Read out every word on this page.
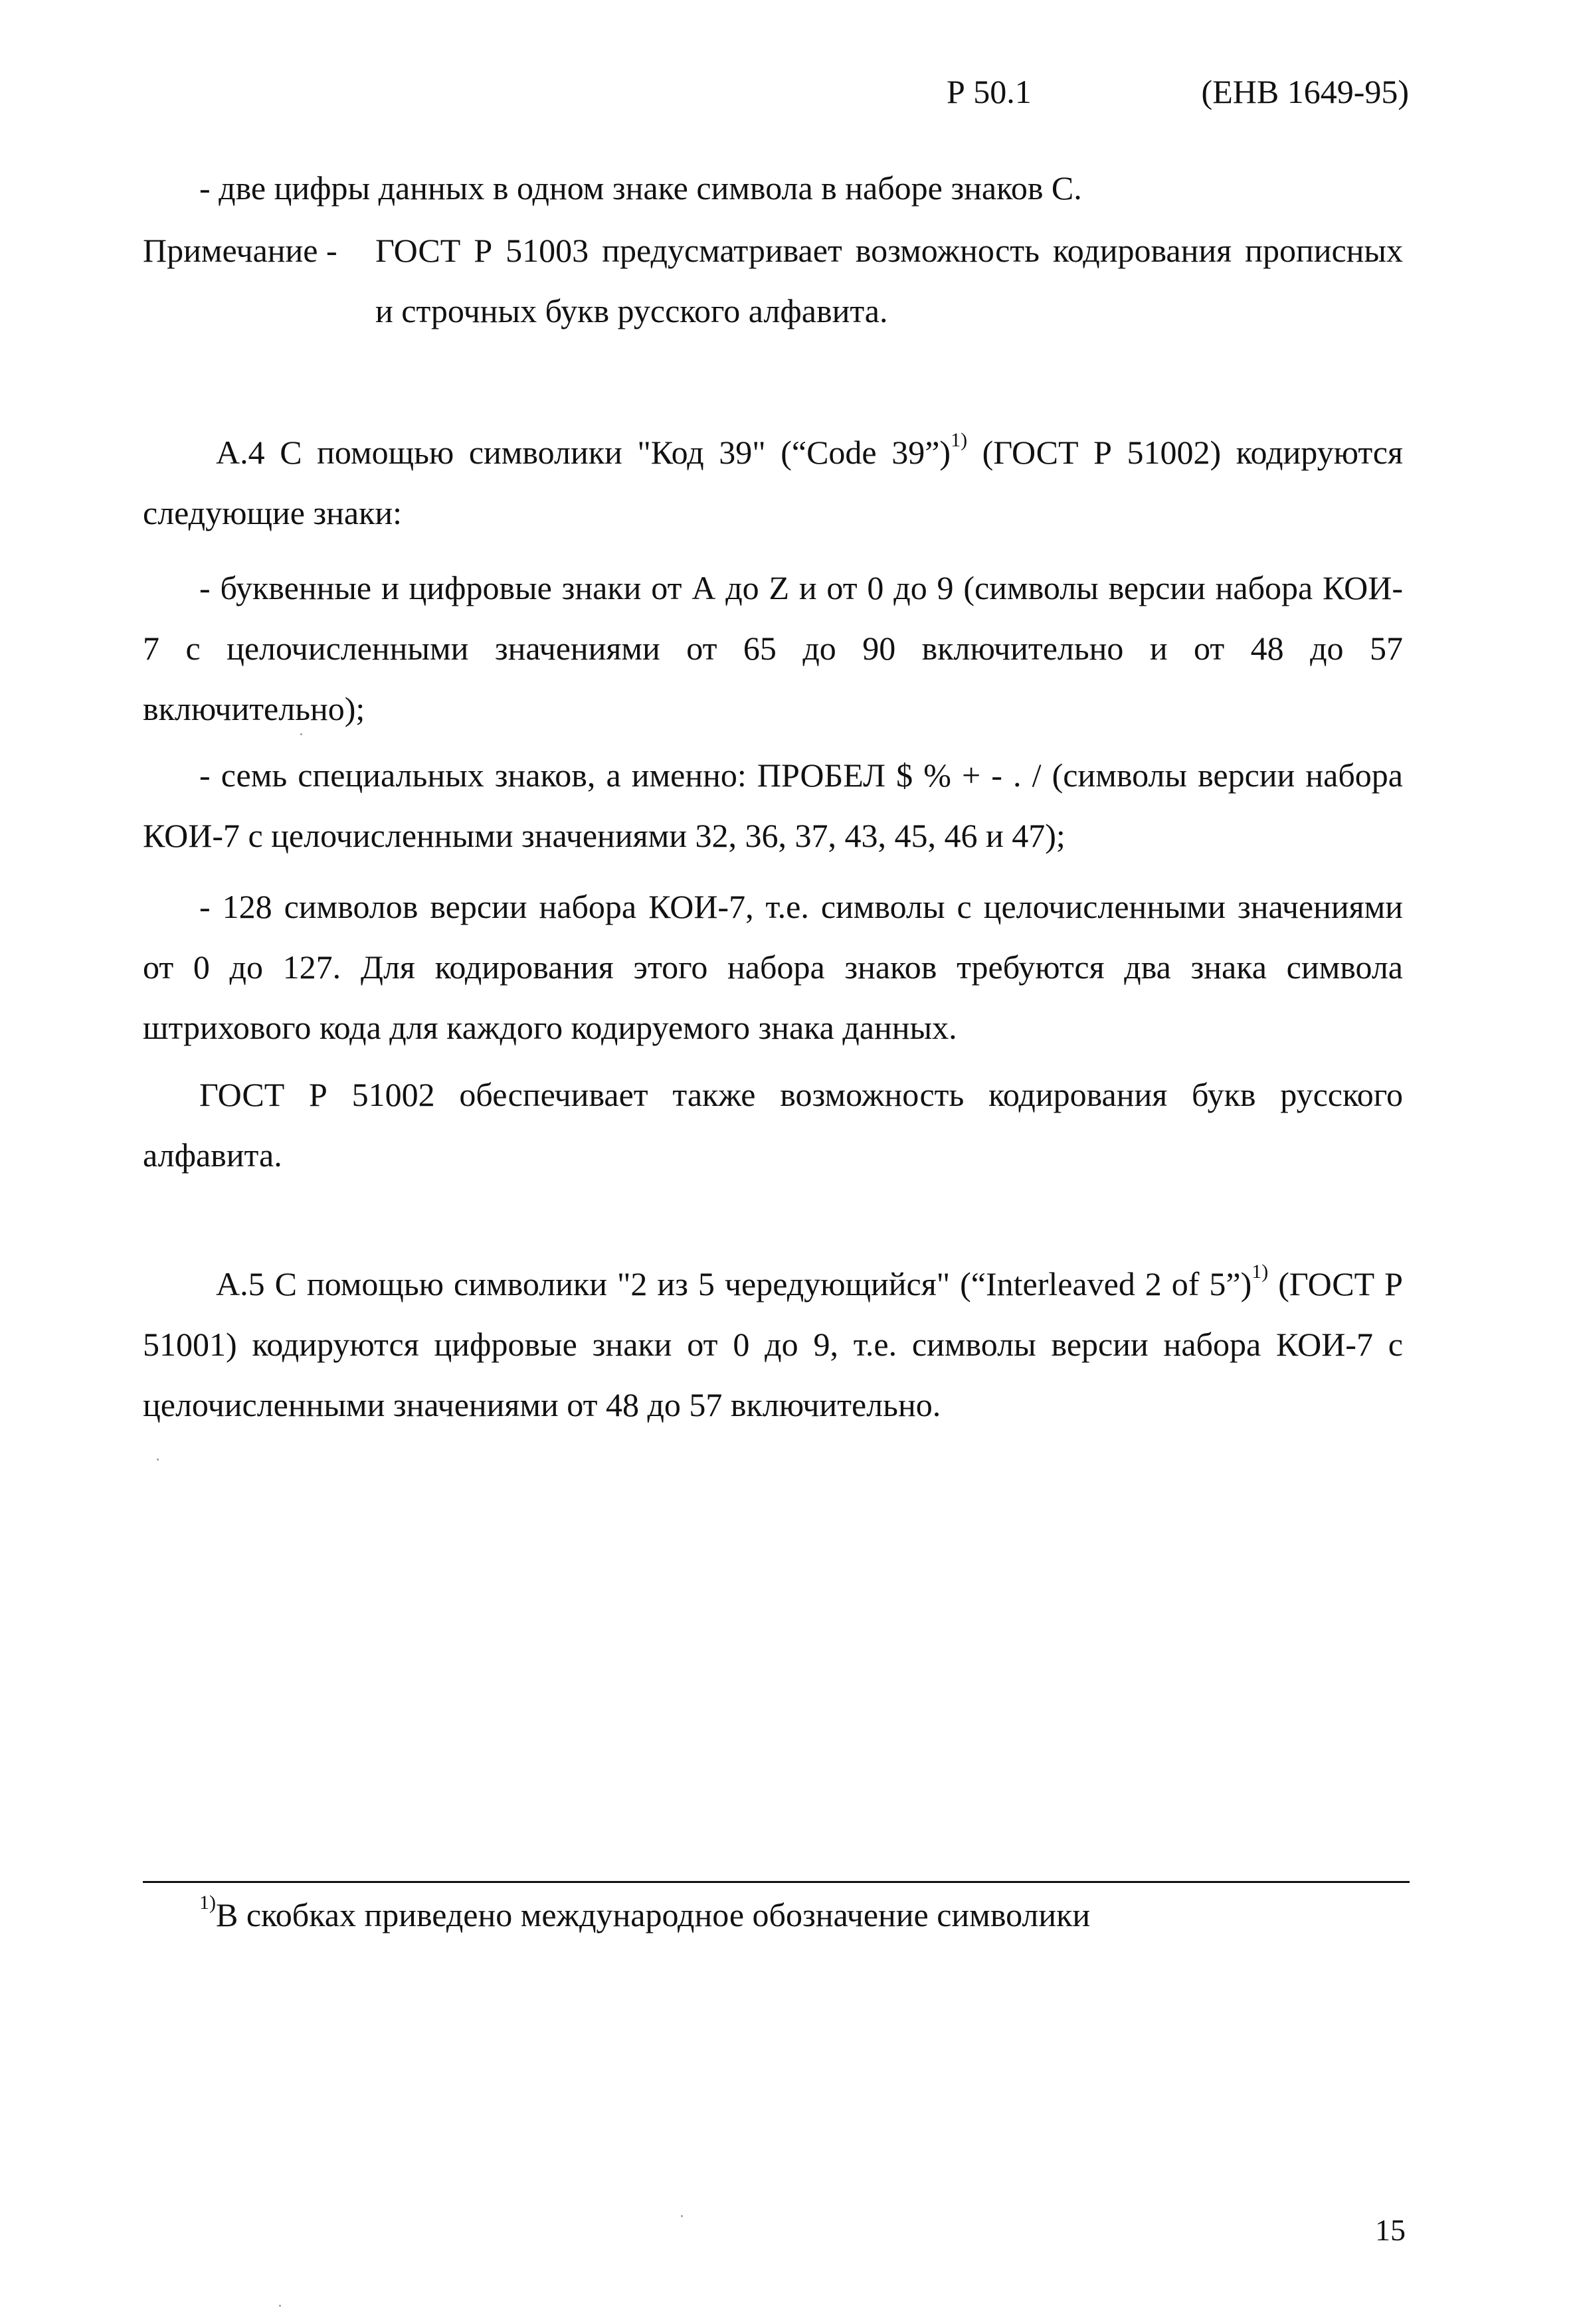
Р 50.1	(ЕНВ 1649-95)

- две цифры данных в одном знаке символа в наборе знаков С.

Примечание - ГОСТ Р 51003 предусматривает возможность кодирования прописных
и строчных букв русского алфавита.
А.4 С помощью символики "Код 39" (“Code 39”)$^{1)}$ (ГОСТ Р 51002) кодируются
следующие знаки:
- буквенные и цифровые знаки от А до Z и от 0 до 9 (символы версии набора КОИ-
7 с целочисленными значениями от 65 до 90 включительно и от 48 до 57
включительно);
- семь специальных знаков, а именно: ПРОБЕЛ $ % + - . / (символы версии набора
КОИ-7 с целочисленными значениями 32, 36, 37, 43, 45, 46 и 47);
- 128 символов версии набора КОИ-7, т.е. символы с целочисленными значениями
от 0 до 127. Для кодирования этого набора знаков требуются два знака символа
штрихового кода для каждого кодируемого знака данных.
ГОСТ Р 51002 обеспечивает также возможность кодирования букв русского
алфавита.
А.5 С помощью символики "2 из 5 чередующийся" (“Interleaved 2 of 5”)$^{1)}$ (ГОСТ Р
51001) кодируются цифровые знаки от 0 до 9, т.е. символы версии набора КОИ-7 с
целочисленными значениями от 48 до 57 включительно.
$^{1)}$В скобках приведено международное обозначение символики
15
